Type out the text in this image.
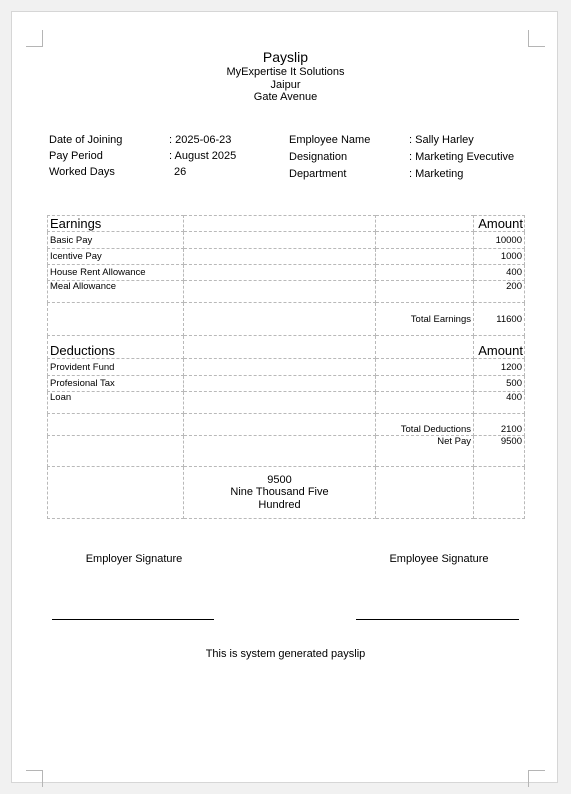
Payslip
MyExpertise It Solutions
Jaipur
Gate Avenue
Date of Joining	: 2025-06-23
Pay Period	: August 2025
Worked Days	26
Employee Name	: Sally Harley
Designation	: Marketing Evecutive
Department	: Marketing
Earnings			Amount
Basic Pay			10000
Icentive Pay			1000
House Rent Allowance			400
Meal Allowance			200
		Total Earnings	11600
Deductions			Amount
Provident Fund			1200
Profesional Tax			500
Loan			400
		Total Deductions	2100
		Net Pay	9500

	9500
Nine Thousand Five
Hundred		

Employer Signature	Employee Signature
This is system generated payslip
